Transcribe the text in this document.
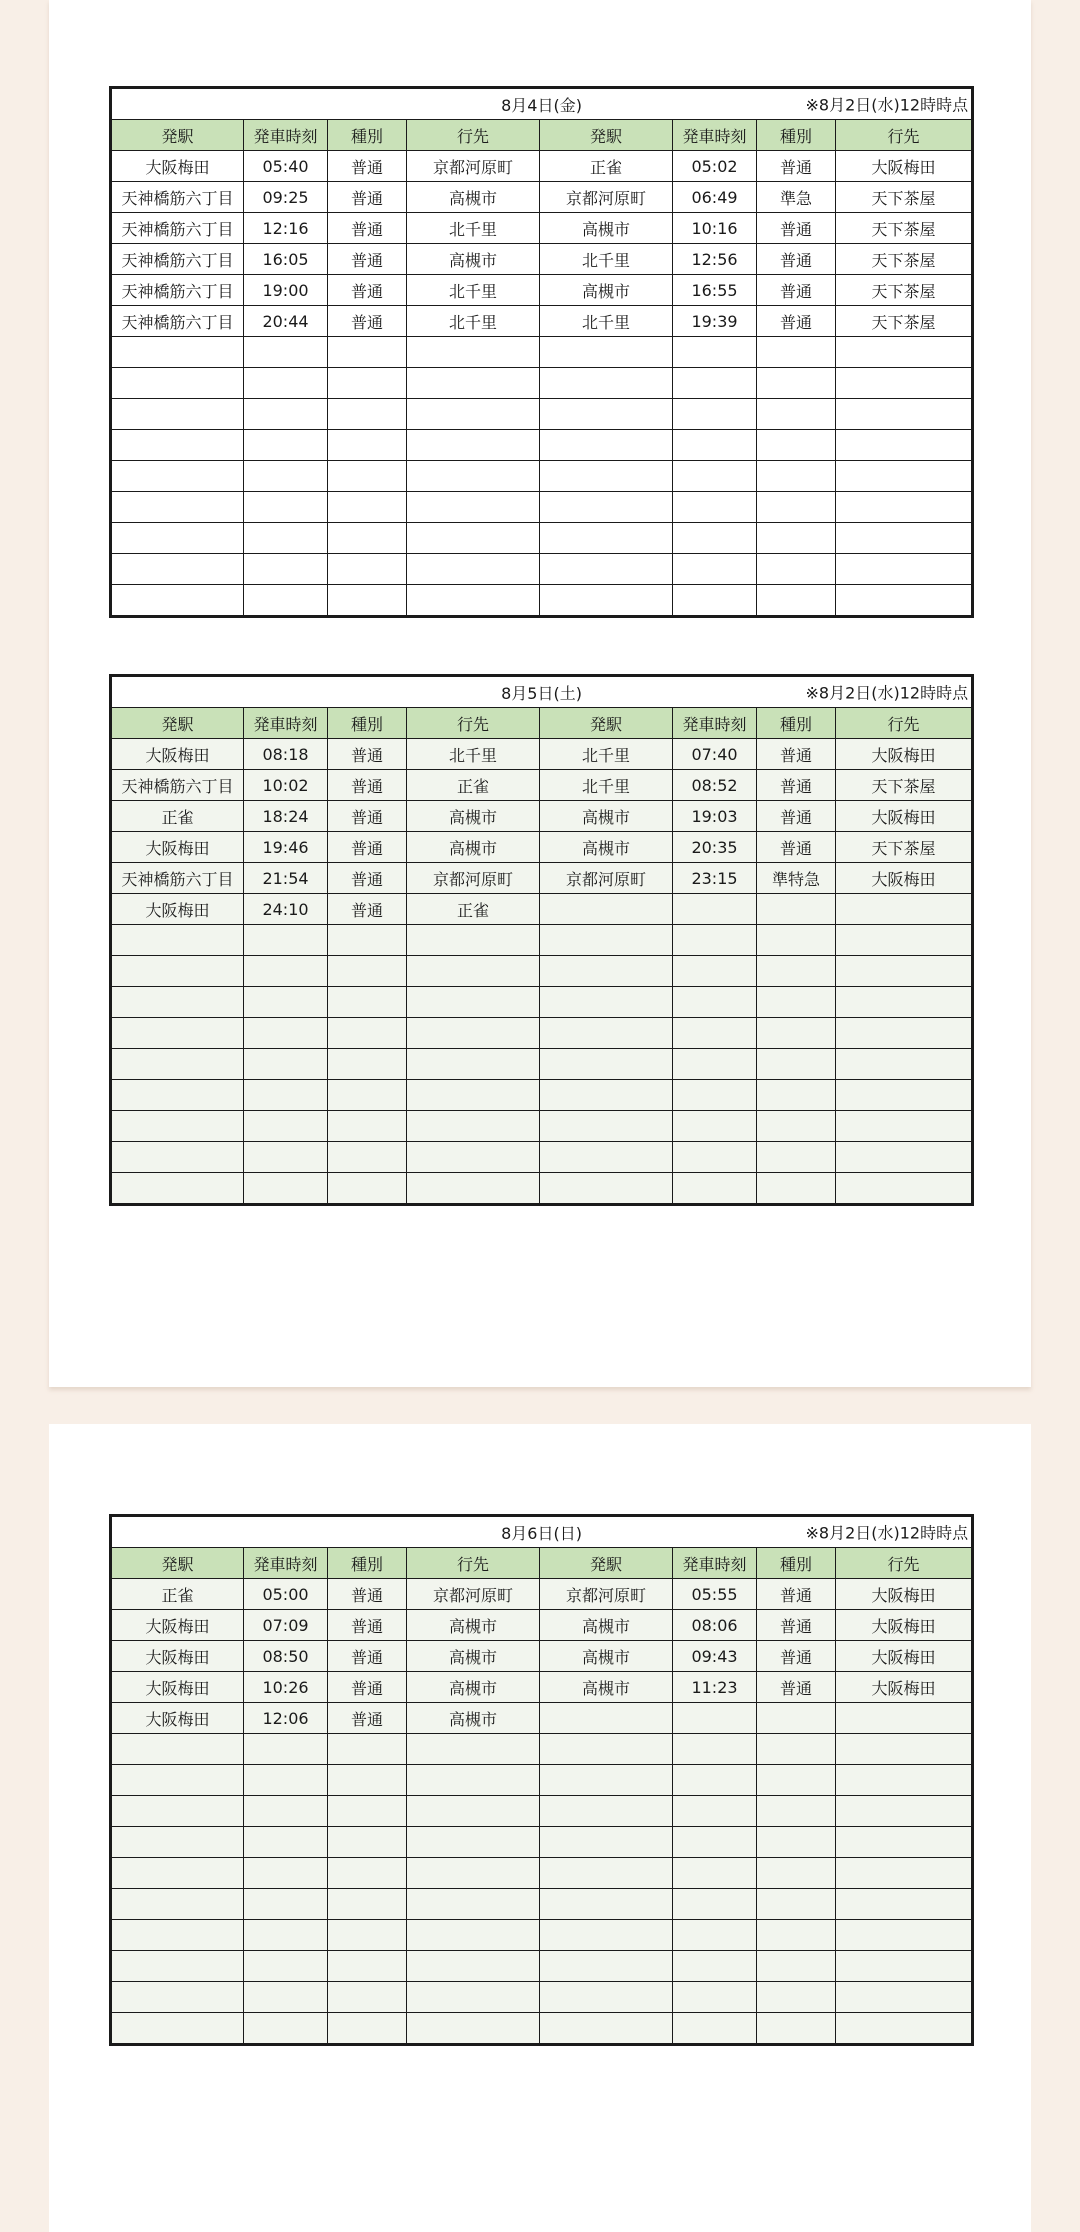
8月4日(金) ※8月2日(水)12時時点							

発駅	発車時刻	種別	行先	発駅	発車時刻	種別	行先
大阪梅田	05:40	普通	京都河原町	正雀	05:02	普通	大阪梅田
天神橋筋六丁目	09:25	普通	高槻市	京都河原町	06:49	準急	天下茶屋
天神橋筋六丁目	12:16	普通	北千里	高槻市	10:16	普通	天下茶屋
天神橋筋六丁目	16:05	普通	高槻市	北千里	12:56	普通	天下茶屋
天神橋筋六丁目	19:00	普通	北千里	高槻市	16:55	普通	天下茶屋
天神橋筋六丁目	20:44	普通	北千里	北千里	19:39	普通	天下茶屋

8月5日(土) ※8月2日(水)12時時点							

発駅	発車時刻	種別	行先	発駅	発車時刻	種別	行先
大阪梅田	08:18	普通	北千里	北千里	07:40	普通	大阪梅田
天神橋筋六丁目	10:02	普通	正雀	北千里	08:52	普通	天下茶屋
正雀	18:24	普通	高槻市	高槻市	19:03	普通	大阪梅田
大阪梅田	19:46	普通	高槻市	高槻市	20:35	普通	天下茶屋
天神橋筋六丁目	21:54	普通	京都河原町	京都河原町	23:15	準特急	大阪梅田
大阪梅田	24:10	普通	正雀				

8月6日(日) ※8月2日(水)12時時点							

発駅	発車時刻	種別	行先	発駅	発車時刻	種別	行先
正雀	05:00	普通	京都河原町	京都河原町	05:55	普通	大阪梅田
大阪梅田	07:09	普通	高槻市	高槻市	08:06	普通	大阪梅田
大阪梅田	08:50	普通	高槻市	高槻市	09:43	普通	大阪梅田
大阪梅田	10:26	普通	高槻市	高槻市	11:23	普通	大阪梅田
大阪梅田	12:06	普通	高槻市				
